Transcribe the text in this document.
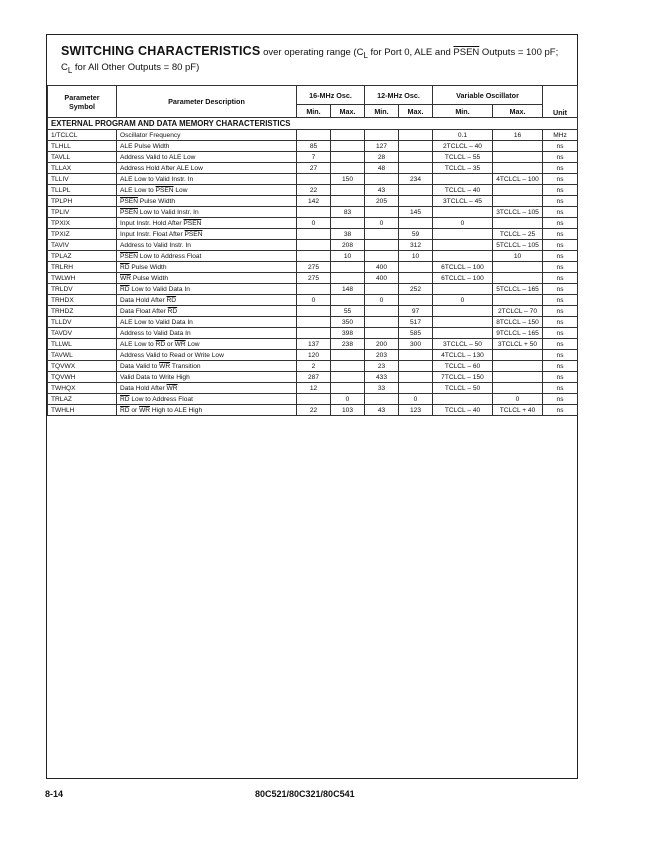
SWITCHING CHARACTERISTICS over operating range ($C_L$ for Port 0, ALE and PSEN Outputs = 100 pF;
$C_L$ for All Other Outputs = 80 pF)
Parameter Symbol	Parameter Description	16-MHz Osc.		12-MHz Osc.		Variable Oscillator		Unit
		Min.	Max.	Min.	Max.	Min.	Max.	
EXTERNAL PROGRAM AND DATA MEMORY CHARACTERISTICS								
1/TCLCL	Oscillator Frequency					0.1	16	MHz
TLHLL	ALE Pulse Width	85		127		2TCLCL – 40		ns
TAVLL	Address Valid to ALE Low	7		28		TCLCL – 55		ns
TLLAX	Address Hold After ALE Low	27		48		TCLCL – 35		ns
TLLIV	ALE Low to Valid Instr. In		150		234		4TCLCL – 100	ns
TLLPL	ALE Low to PSEN Low	22		43		TCLCL – 40		ns
TPLPH	PSEN Pulse Width	142		205		3TCLCL – 45		ns
TPLIV	PSEN Low to Valid Instr. In		83		145		3TCLCL – 105	ns
TPXIX	Input Instr. Hold After PSEN	0		0		0		ns
TPXIZ	Input Instr. Float After PSEN		38		59		TCLCL – 25	ns
TAVIV	Address to Valid Instr. In		208		312		5TCLCL – 105	ns
TPLAZ	PSEN Low to Address Float		10		10		10	ns
TRLRH	$\overline{RD}$ Pulse Width	275		400		6TCLCL – 100		ns
TWLWH	$\overline{WR}$ Pulse Width	275		400		6TCLCL – 100		ns
TRLDV	$\overline{RD}$ Low to Valid Data In		148		252		5TCLCL – 165	ns
TRHDX	Data Hold After $\overline{RD}$	0		0		0		ns
TRHDZ	Data Float After $\overline{RD}$		55		97		2TCLCL – 70	ns
TLLDV	ALE Low to Valid Data In		350		517		8TCLCL – 150	ns
TAVDV	Address to Valid Data In		398		585		9TCLCL – 165	ns
TLLWL	ALE Low to $\overline{RD}$ or $\overline{WR}$ Low	137	238	200	300	3TCLCL – 50	3TCLCL + 50	ns
TAVWL	Address Valid to Read or Write Low	120		203		4TCLCL – 130		ns
TQVWX	Data Valid to $\overline{WR}$ Transition	2		23		TCLCL – 60		ns
TQVWH	Valid Data to Write High	287		433		7TCLCL – 150		ns
TWHQX	Data Hold After $\overline{WR}$	12		33		TCLCL – 50		ns
TRLAZ	$\overline{RD}$ Low to Address Float		0		0		0	ns
TWHLH	$\overline{RD}$ or $\overline{WR}$ High to ALE High	22	103	43	123	TCLCL – 40	TCLCL + 40	ns
8-14	80C521/80C321/80C541
